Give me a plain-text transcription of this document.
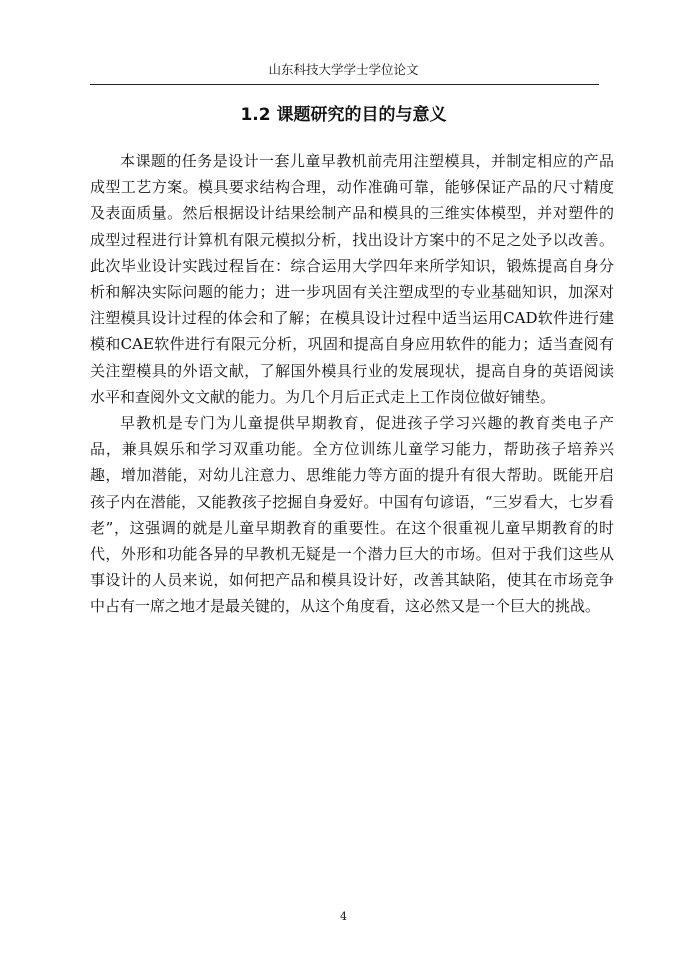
山东科技大学学士学位论文
1.2 课题研究的目的与意义

本课题的任务是设计一套儿童早教机前壳用注塑模具，并制定相应的产品成型工艺方案。模具要求结构合理，动作准确可靠，能够保证产品的尺寸精度及表面质量。然后根据设计结果绘制产品和模具的三维实体模型，并对塑件的成型过程进行计算机有限元模拟分析，找出设计方案中的不足之处予以改善。此次毕业设计实践过程旨在：综合运用大学四年来所学知识，锻炼提高自身分析和解决实际问题的能力；进一步巩固有关注塑成型的专业基础知识，加深对注塑模具设计过程的体会和了解；在模具设计过程中适当运用CAD软件进行建模和CAE软件进行有限元分析，巩固和提高自身应用软件的能力；适当查阅有关注塑模具的外语文献，了解国外模具行业的发展现状，提高自身的英语阅读水平和查阅外文文献的能力。为几个月后正式走上工作岗位做好铺垫。

早教机是专门为儿童提供早期教育，促进孩子学习兴趣的教育类电子产品，兼具娱乐和学习双重功能。全方位训练儿童学习能力，帮助孩子培养兴趣，增加潜能，对幼儿注意力、思维能力等方面的提升有很大帮助。既能开启孩子内在潜能，又能教孩子挖掘自身爱好。中国有句谚语，“三岁看大，七岁看老”，这强调的就是儿童早期教育的重要性。在这个很重视儿童早期教育的时代，外形和功能各异的早教机无疑是一个潜力巨大的市场。但对于我们这些从事设计的人员来说，如何把产品和模具设计好，改善其缺陷，使其在市场竞争中占有一席之地才是最关键的，从这个角度看，这必然又是一个巨大的挑战。

4
